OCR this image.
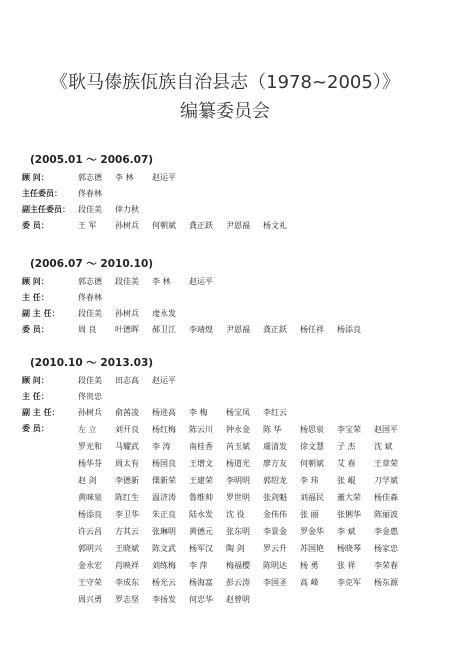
《耿马傣族佤族自治县志（1978~2005）》
编纂委员会
(2005.01 ～ 2006.07)
顾 问：	郭志德 李 林 赵运平
主任委员：	佟春林
副主任委员：	段佳美 倖力秋
委 员：	王 军 孙树兵 何朝斌 龚正跃 尹恩福 杨文礼
(2006.07 ～ 2010.10)
顾 问：	郭志德 段佳美 李 林 赵运平
主 任：	佟春林
副 主 任：	段佳美 孙树兵 虔永发
委 员：	周 良 叶德晖 郝卫江 李靖煌 尹恩福 龚正跃 杨任祥 杨添良
(2010.10 ～ 2013.03)
顾 问：	段佳美 田志高 赵运平
主 任：	佟贵忠
副 主 任：	孙树兵 俞茜凌 杨进高 李 梅 杨宝凤 李红云
委 员：	左 立 刘开良 杨红梅 陈云川 钟永金 陈 华 杨思泉 李宝荣 赵国平
罗光和 马耀武 李 涛 南桂香 芮玉斌 虞清发 徐文慧 子 杰 沈 斌
杨华芬 周太有 杨国良 王增文 杨道光 廖方友 何朝斌 艾 春 王章荣
赵 剑 李德新 傈新荣 王建荣 李明明 郭绍龙 李 玮 张 崐 刀学斌
黄咪泉 陈红生 温济涛 鲁维帅 罗世明 张剑魁 刘福民 董大荣 杨佳森
杨添良 李卫华 朱正良 陆永发 沈 役 金伟伟 张 丽 张俐华 陈丽波
许云昌 方其云 张琳明 黄德元 张东明 李景金 罗金华 李 斌 李金惠
郭明兴 王晓斌 陈文武 杨军汉 陶 剑 罗云升 苏国艳 杨晓琴 杨家忠
金永宏 肖映祥 刘练梅 李 萍 梅福樱 陈明达 杨 勇 张 祥 李荣春
王守荣 李成东 杨光云 杨海富 彭云涛 李国圣 高 峰 李克军 杨东源
周兴勇 罗志坚 李扬发 何忠华 赵曾明
